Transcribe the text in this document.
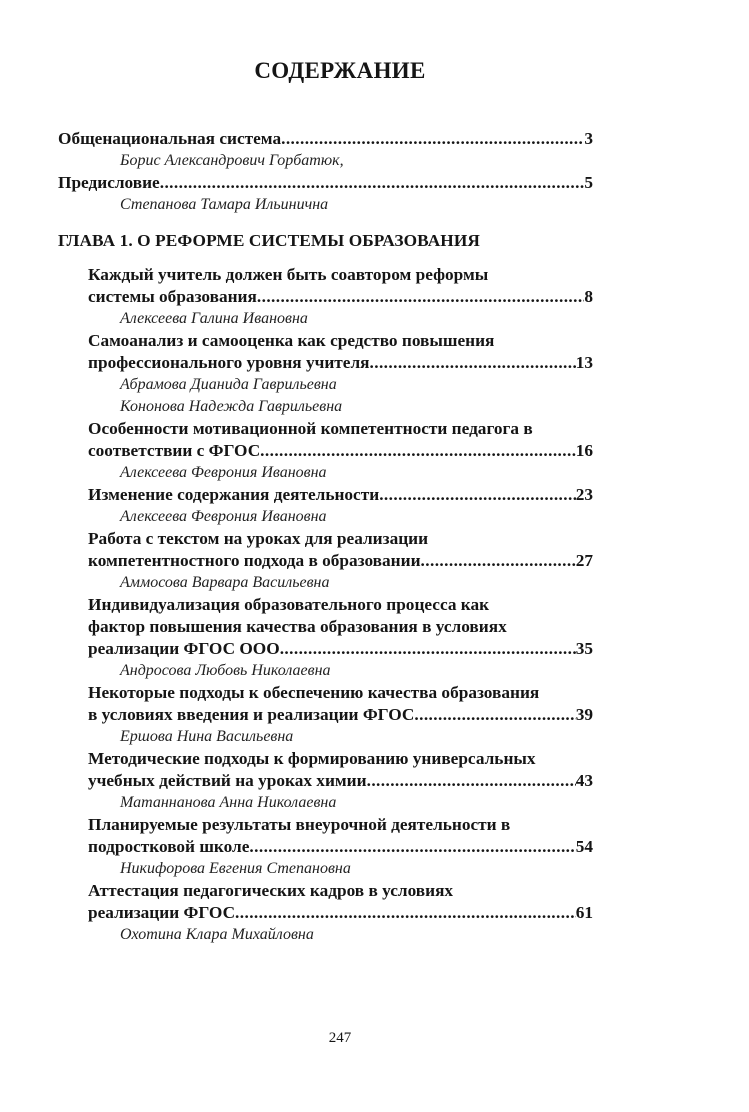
СОДЕРЖАНИЕ
Общенациональная система .....	3
Борис Александрович Горбатюк,
Предисловие .....	5
Степанова Тамара Ильинична
ГЛАВА 1. О РЕФОРМЕ СИСТЕМЫ ОБРАЗОВАНИЯ
Каждый учитель должен быть соавтором реформы
системы образования .....	8
Алексеева Галина Ивановна
Самоанализ и самооценка как средство повышения
профессионального уровня учителя .....	13
Абрамова Дианида Гаврильевна
Кононова Надежда Гаврильевна
Особенности мотивационной компетентности педагога в
соответствии с ФГОС .....	16
Алексеева Феврония Ивановна
Изменение содержания деятельности .....	23
Алексеева Феврония Ивановна
Работа с текстом на уроках для реализации
компетентностного подхода в образовании .....	27
Аммосова Варвара Васильевна
Индивидуализация образовательного процесса как
фактор повышения качества образования в условиях
реализации ФГОС ООО .....	35
Андросова Любовь Николаевна
Некоторые подходы к обеспечению качества образования
в условиях введения и реализации ФГОС .....	39
Ершова Нина Васильевна
Методические подходы к формированию универсальных
учебных действий на уроках химии .....	43
Матаннанова Анна Николаевна
Планируемые результаты внеурочной деятельности в
подростковой школе .....	54
Никифорова Евгения Степановна
Аттестация педагогических кадров в условиях
реализации ФГОС .....	61
Охотина Клара Михайловна
247
